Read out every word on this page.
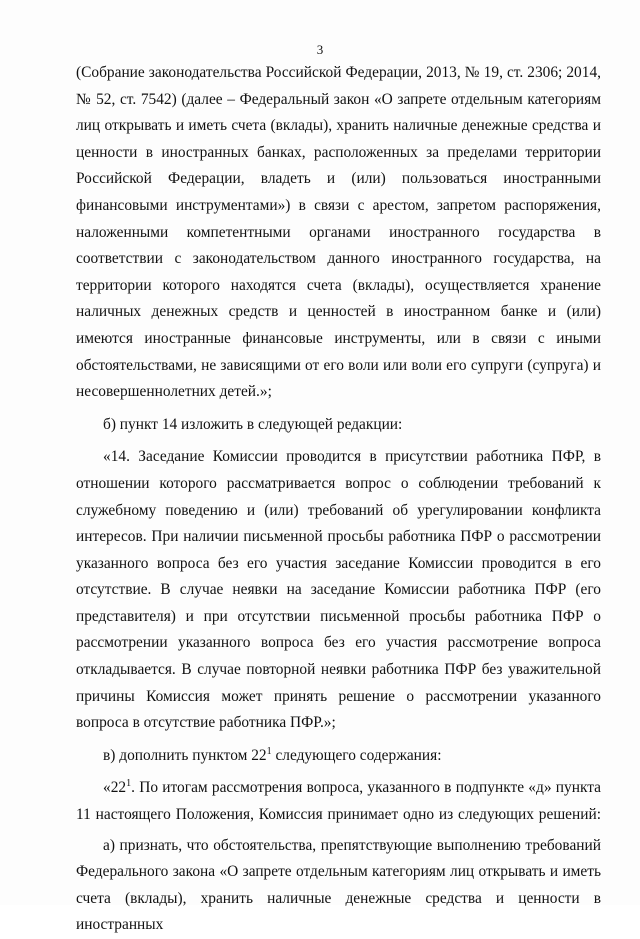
3

(Собрание законодательства Российской Федерации, 2013, № 19, ст. 2306; 2014, № 52, ст. 7542) (далее – Федеральный закон «О запрете отдельным категориям лиц открывать и иметь счета (вклады), хранить наличные денежные средства и ценности в иностранных банках, расположенных за пределами территории Российской Федерации, владеть и (или) пользоваться иностранными финансовыми инструментами») в связи с арестом, запретом распоряжения, наложенными компетентными органами иностранного государства в соответствии с законодательством данного иностранного государства, на территории которого находятся счета (вклады), осуществляется хранение наличных денежных средств и ценностей в иностранном банке и (или) имеются иностранные финансовые инструменты, или в связи с иными обстоятельствами, не зависящими от его воли или воли его супруги (супруга) и несовершеннолетних детей.»;

б) пункт 14 изложить в следующей редакции:

«14. Заседание Комиссии проводится в присутствии работника ПФР, в отношении которого рассматривается вопрос о соблюдении требований к служебному поведению и (или) требований об урегулировании конфликта интересов. При наличии письменной просьбы работника ПФР о рассмотрении указанного вопроса без его участия заседание Комиссии проводится в его отсутствие. В случае неявки на заседание Комиссии работника ПФР (его представителя) и при отсутствии письменной просьбы работника ПФР о рассмотрении указанного вопроса без его участия рассмотрение вопроса откладывается. В случае повторной неявки работника ПФР без уважительной причины Комиссия может принять решение о рассмотрении указанного вопроса в отсутствие работника ПФР.»;

в) дополнить пунктом $22^1$ следующего содержания:

«$22^1$. По итогам рассмотрения вопроса, указанного в подпункте «д» пункта 11 настоящего Положения, Комиссия принимает одно из следующих решений:

а) признать, что обстоятельства, препятствующие выполнению требований Федерального закона «О запрете отдельным категориям лиц открывать и иметь счета (вклады), хранить наличные денежные средства и ценности в иностранных
